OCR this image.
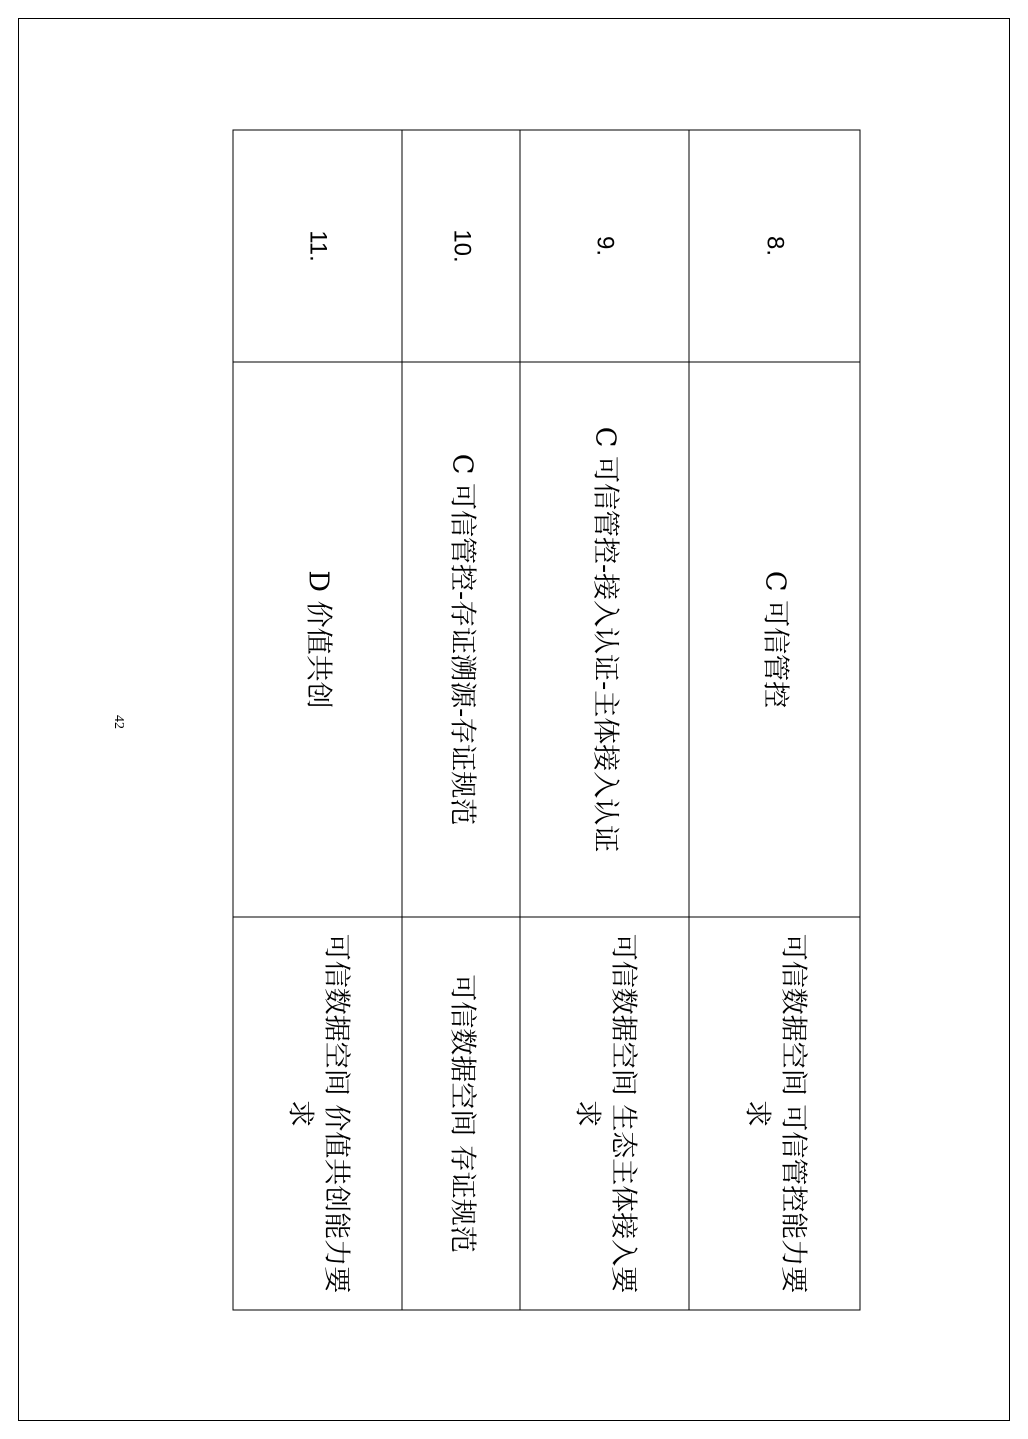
8.	C 可信管控	可信数据空间 可信管控能力要求
9.	C 可信管控-接入认证-主体接入认证	可信数据空间 生态主体接入要求
10.	C 可信管控-存证溯源-存证规范	可信数据空间 存证规范
11.	D 价值共创	可信数据空间 价值共创能力要求
42
